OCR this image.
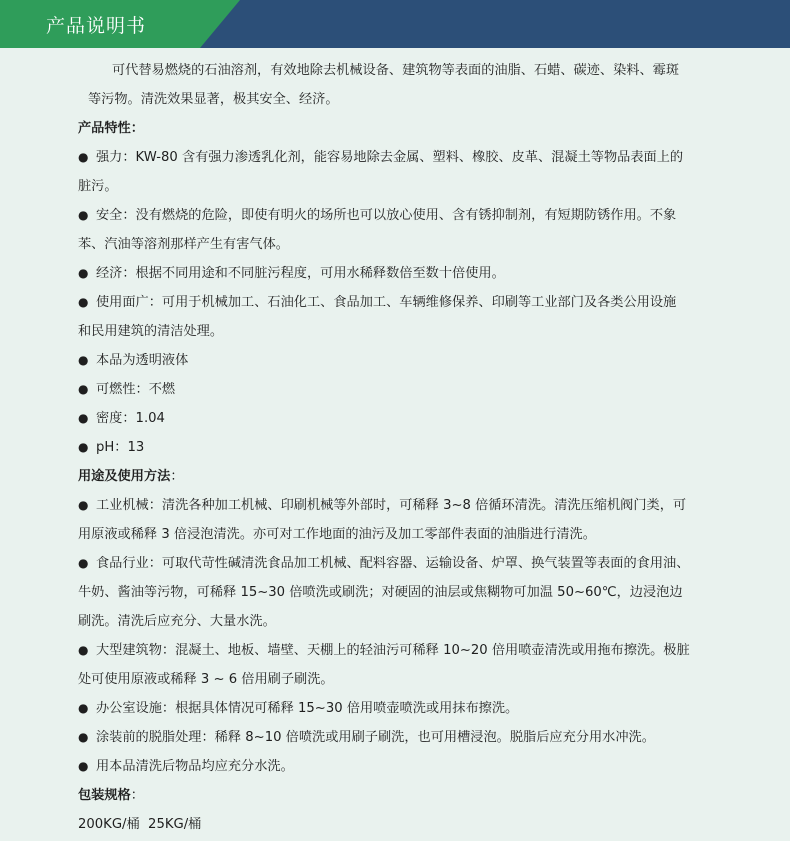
产品说明书

可代替易燃烧的石油溶剂，有效地除去机械设备、建筑物等表面的油脂、石蜡、碳迹、染料、霉斑

等污物。清洗效果显著，极其安全、经济。

产品特性：

● 强力：KW-80 含有强力渗透乳化剂，能容易地除去金属、塑料、橡胶、皮革、混凝土等物品表面上的
脏污。
● 安全：没有燃烧的危险，即使有明火的场所也可以放心使用、含有锈抑制剂，有短期防锈作用。不象
苯、汽油等溶剂那样产生有害气体。
● 经济：根据不同用途和不同脏污程度，可用水稀释数倍至数十倍使用。
● 使用面广：可用于机械加工、石油化工、食品加工、车辆维修保养、印刷等工业部门及各类公用设施
和民用建筑的清洁处理。
● 本品为透明液体
● 可燃性：不燃
● 密度：1.04
● pH：13

用途及使用方法：

● 工业机械：清洗各种加工机械、印刷机械等外部时，可稀释 3~8 倍循环清洗。清洗压缩机阀门类，可
用原液或稀释 3 倍浸泡清洗。亦可对工作地面的油污及加工零部件表面的油脂进行清洗。
● 食品行业：可取代苛性碱清洗食品加工机械、配料容器、运输设备、炉罩、换气装置等表面的食用油、
牛奶、酱油等污物，可稀释 15~30 倍喷洗或刷洗；对硬固的油层或焦糊物可加温 50~60℃，边浸泡边
刷洗。清洗后应充分、大量水洗。
● 大型建筑物：混凝土、地板、墙壁、天棚上的轻油污可稀释 10~20 倍用喷壶清洗或用拖布擦洗。极脏
处可使用原液或稀释 3 ~ 6 倍用刷子刷洗。
● 办公室设施：根据具体情况可稀释 15~30 倍用喷壶喷洗或用抹布擦洗。
● 涂装前的脱脂处理：稀释 8~10 倍喷洗或用刷子刷洗，也可用槽浸泡。脱脂后应充分用水冲洗。
● 用本品清洗后物品均应充分水洗。

包装规格：

200KG/桶  25KG/桶
